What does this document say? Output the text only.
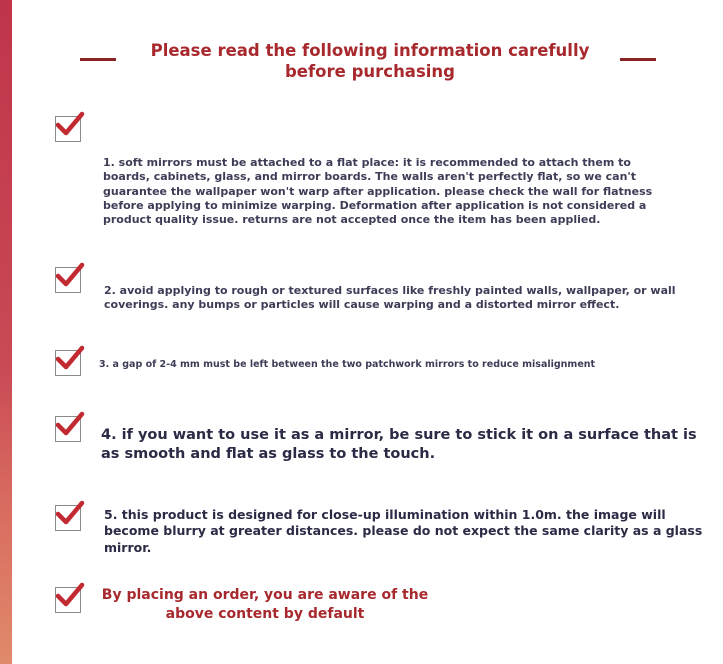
Please read the following information carefully before purchasing
1. soft mirrors must be attached to a flat place: it is recommended to attach them to boards, cabinets, glass, and mirror boards. The walls aren't perfectly flat, so we can't guarantee the wallpaper won't warp after application. please check the wall for flatness before applying to minimize warping. Deformation after application is not considered a product quality issue. returns are not accepted once the item has been applied.
2. avoid applying to rough or textured surfaces like freshly painted walls, wallpaper, or wall coverings. any bumps or particles will cause warping and a distorted mirror effect.
3. a gap of 2-4 mm must be left between the two patchwork mirrors to reduce misalignment
4. if you want to use it as a mirror, be sure to stick it on a surface that is as smooth and flat as glass to the touch.
5. this product is designed for close-up illumination within 1.0m. the image will become blurry at greater distances. please do not expect the same clarity as a glass mirror.
By placing an order, you are aware of the above content by default
